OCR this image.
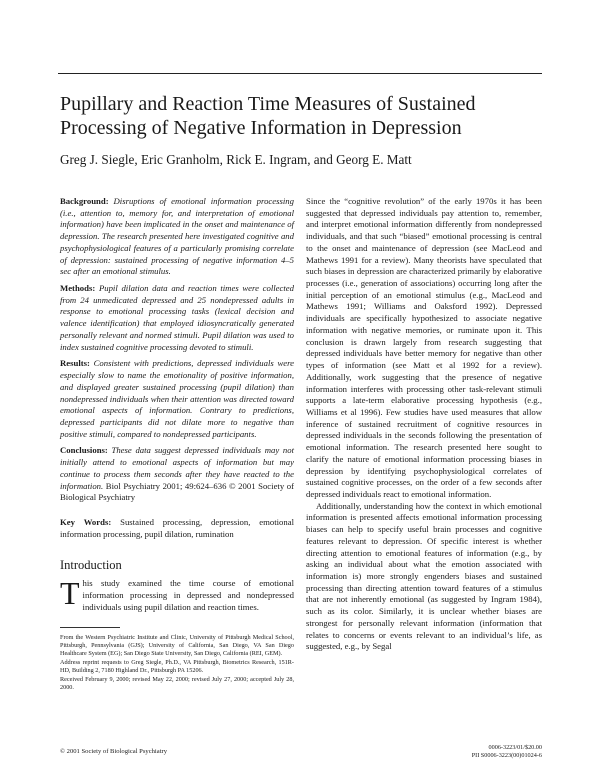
Pupillary and Reaction Time Measures of Sustained Processing of Negative Information in Depression

Greg J. Siegle, Eric Granholm, Rick E. Ingram, and Georg E. Matt

Background: Disruptions of emotional information processing (i.e., attention to, memory for, and interpretation of emotional information) have been implicated in the onset and maintenance of depression. The research presented here investigated cognitive and psychophysiological features of a particularly promising correlate of depression: sustained processing of negative information 4–5 sec after an emotional stimulus.

Methods: Pupil dilation data and reaction times were collected from 24 unmedicated depressed and 25 nondepressed adults in response to emotional processing tasks (lexical decision and valence identification) that employed idiosyncratically generated personally relevant and normed stimuli. Pupil dilation was used to index sustained cognitive processing devoted to stimuli.

Results: Consistent with predictions, depressed individuals were especially slow to name the emotionality of positive information, and displayed greater sustained processing (pupil dilation) than nondepressed individuals when their attention was directed toward emotional aspects of information. Contrary to predictions, depressed participants did not dilate more to negative than positive stimuli, compared to nondepressed participants.

Conclusions: These data suggest depressed individuals may not initially attend to emotional aspects of information but may continue to process them seconds after they have reacted to the information. Biol Psychiatry 2001; 49:624–636 © 2001 Society of Biological Psychiatry

Key Words: Sustained processing, depression, emotional information processing, pupil dilation, rumination

Introduction

This study examined the time course of emotional information processing in depressed and nondepressed individuals using pupil dilation and reaction times.

From the Western Psychiatric Institute and Clinic, University of Pittsburgh Medical School, Pittsburgh, Pennsylvania (GJS); University of California, San Diego, VA San Diego Healthcare System (EG); San Diego State University, San Diego, California (REI, GEM).

Address reprint requests to Greg Siegle, Ph.D., VA Pittsburgh, Biometrics Research, 151R-HD, Building 2, 7180 Highland Dr., Pittsburgh PA 15206.

Received February 9, 2000; revised May 22, 2000; revised July 27, 2000; accepted July 28, 2000.

Since the “cognitive revolution” of the early 1970s it has been suggested that depressed individuals pay attention to, remember, and interpret emotional information differently from nondepressed individuals, and that such “biased” emotional processing is central to the onset and maintenance of depression (see MacLeod and Mathews 1991 for a review). Many theorists have speculated that such biases in depression are characterized primarily by elaborative processes (i.e., generation of associations) occurring long after the initial perception of an emotional stimulus (e.g., MacLeod and Mathews 1991; Williams and Oaksford 1992). Depressed individuals are specifically hypothesized to associate negative information with negative memories, or ruminate upon it. This conclusion is drawn largely from research suggesting that depressed individuals have better memory for negative than other types of information (see Matt et al 1992 for a review). Additionally, work suggesting that the presence of negative information interferes with processing other task-relevant stimuli supports a late-term elaborative processing hypothesis (e.g., Williams et al 1996). Few studies have used measures that allow inference of sustained recruitment of cognitive resources in depressed individuals in the seconds following the presentation of emotional information. The research presented here sought to clarify the nature of emotional information processing biases in depression by identifying psychophysiological correlates of sustained cognitive processes, on the order of a few seconds after depressed individuals react to emotional information.

Additionally, understanding how the context in which emotional information is presented affects emotional information processing biases can help to specify useful brain processes and cognitive features relevant to depression. Of specific interest is whether directing attention to emotional features of information (e.g., by asking an individual about what the emotion associated with information is) more strongly engenders biases and sustained processing than directing attention toward features of a stimulus that are not inherently emotional (as suggested by Ingram 1984), such as its color. Similarly, it is unclear whether biases are strongest for personally relevant information (information that relates to concerns or events relevant to an individual’s life, as suggested, e.g., by Segal

© 2001 Society of Biological Psychiatry
0006-3223/01/$20.00
PII S0006-3223(00)01024-6
